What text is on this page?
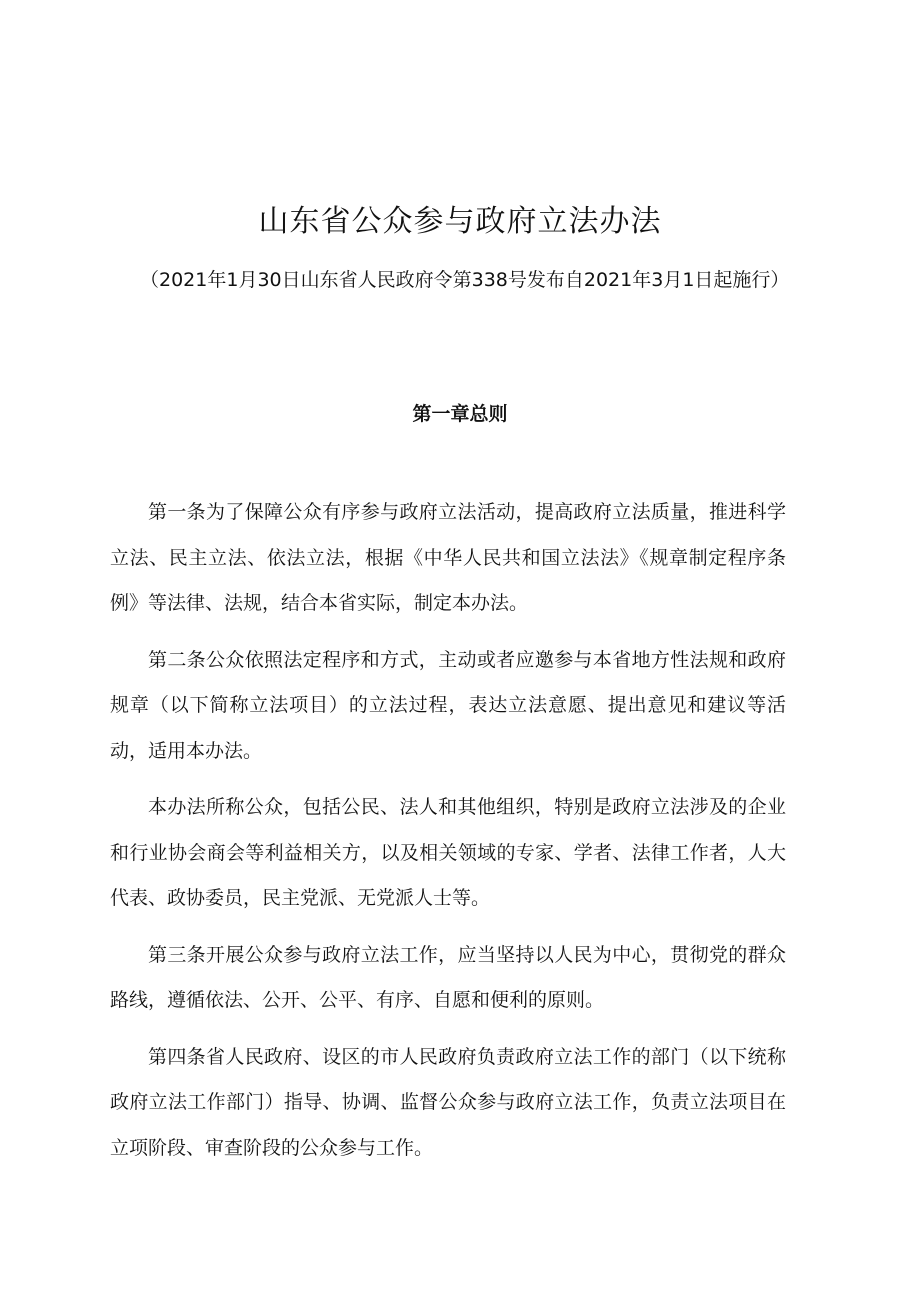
山东省公众参与政府立法办法

（2021年1月30日山东省人民政府令第338号发布自2021年3月1日起施行）

第一章总则

第一条为了保障公众有序参与政府立法活动，提高政府立法质量，推进科学立法、民主立法、依法立法，根据《中华人民共和国立法法》《规章制定程序条例》等法律、法规，结合本省实际，制定本办法。

第二条公众依照法定程序和方式，主动或者应邀参与本省地方性法规和政府规章（以下简称立法项目）的立法过程，表达立法意愿、提出意见和建议等活动，适用本办法。

本办法所称公众，包括公民、法人和其他组织，特别是政府立法涉及的企业和行业协会商会等利益相关方，以及相关领域的专家、学者、法律工作者，人大代表、政协委员，民主党派、无党派人士等。

第三条开展公众参与政府立法工作，应当坚持以人民为中心，贯彻党的群众路线，遵循依法、公开、公平、有序、自愿和便利的原则。

第四条省人民政府、设区的市人民政府负责政府立法工作的部门（以下统称政府立法工作部门）指导、协调、监督公众参与政府立法工作，负责立法项目在立项阶段、审查阶段的公众参与工作。
